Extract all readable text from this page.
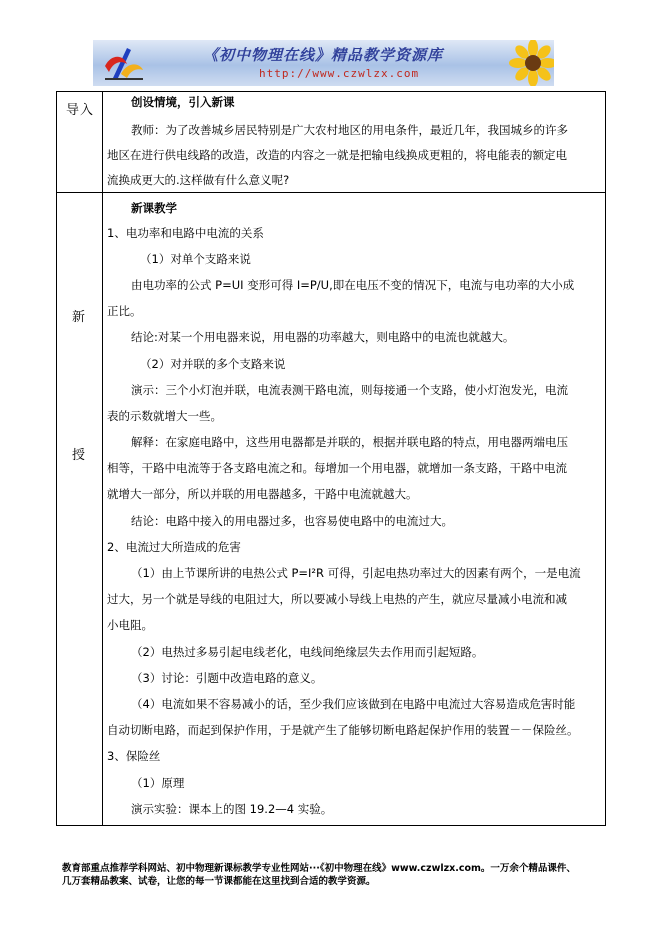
《初中物理在线》精品教学资源库
http://www.czwlzx.com
导入
新
授
创设情境，引入新课
教师：为了改善城乡居民特别是广大农村地区的用电条件，最近几年，我国城乡的许多
地区在进行供电线路的改造，改造的内容之一就是把输电线换成更粗的，将电能表的额定电
流换成更大的.这样做有什么意义呢?
新课教学
1、电功率和电路中电流的关系
（1）对单个支路来说
由电功率的公式 P=UI 变形可得 I=P/U,即在电压不变的情况下，电流与电功率的大小成
正比。
结论:对某一个用电器来说，用电器的功率越大，则电路中的电流也就越大。
（2）对并联的多个支路来说
演示：三个小灯泡并联，电流表测干路电流，则每接通一个支路，使小灯泡发光，电流
表的示数就增大一些。
解释：在家庭电路中，这些用电器都是并联的，根据并联电路的特点，用电器两端电压
相等，干路中电流等于各支路电流之和。每增加一个用电器，就增加一条支路，干路中电流
就增大一部分，所以并联的用电器越多，干路中电流就越大。
结论：电路中接入的用电器过多，也容易使电路中的电流过大。
2、电流过大所造成的危害
（1）由上节课所讲的电热公式 P=I²R 可得，引起电热功率过大的因素有两个，一是电流
过大，另一个就是导线的电阻过大，所以要减小导线上电热的产生，就应尽量减小电流和减
小电阻。
（2）电热过多易引起电线老化，电线间绝缘层失去作用而引起短路。
（3）讨论：引题中改造电路的意义。
（4）电流如果不容易减小的话，至少我们应该做到在电路中电流过大容易造成危害时能
自动切断电路，而起到保护作用，于是就产生了能够切断电路起保护作用的装置－－保险丝。
3、保险丝
（1）原理
演示实验：课本上的图 19.2—4 实验。
教育部重点推荐学科网站、初中物理新课标教学专业性网站···《初中物理在线》www.czwlzx.com。一万余个精品课件、
几万套精品教案、试卷，让您的每一节课都能在这里找到合适的教学资源。
